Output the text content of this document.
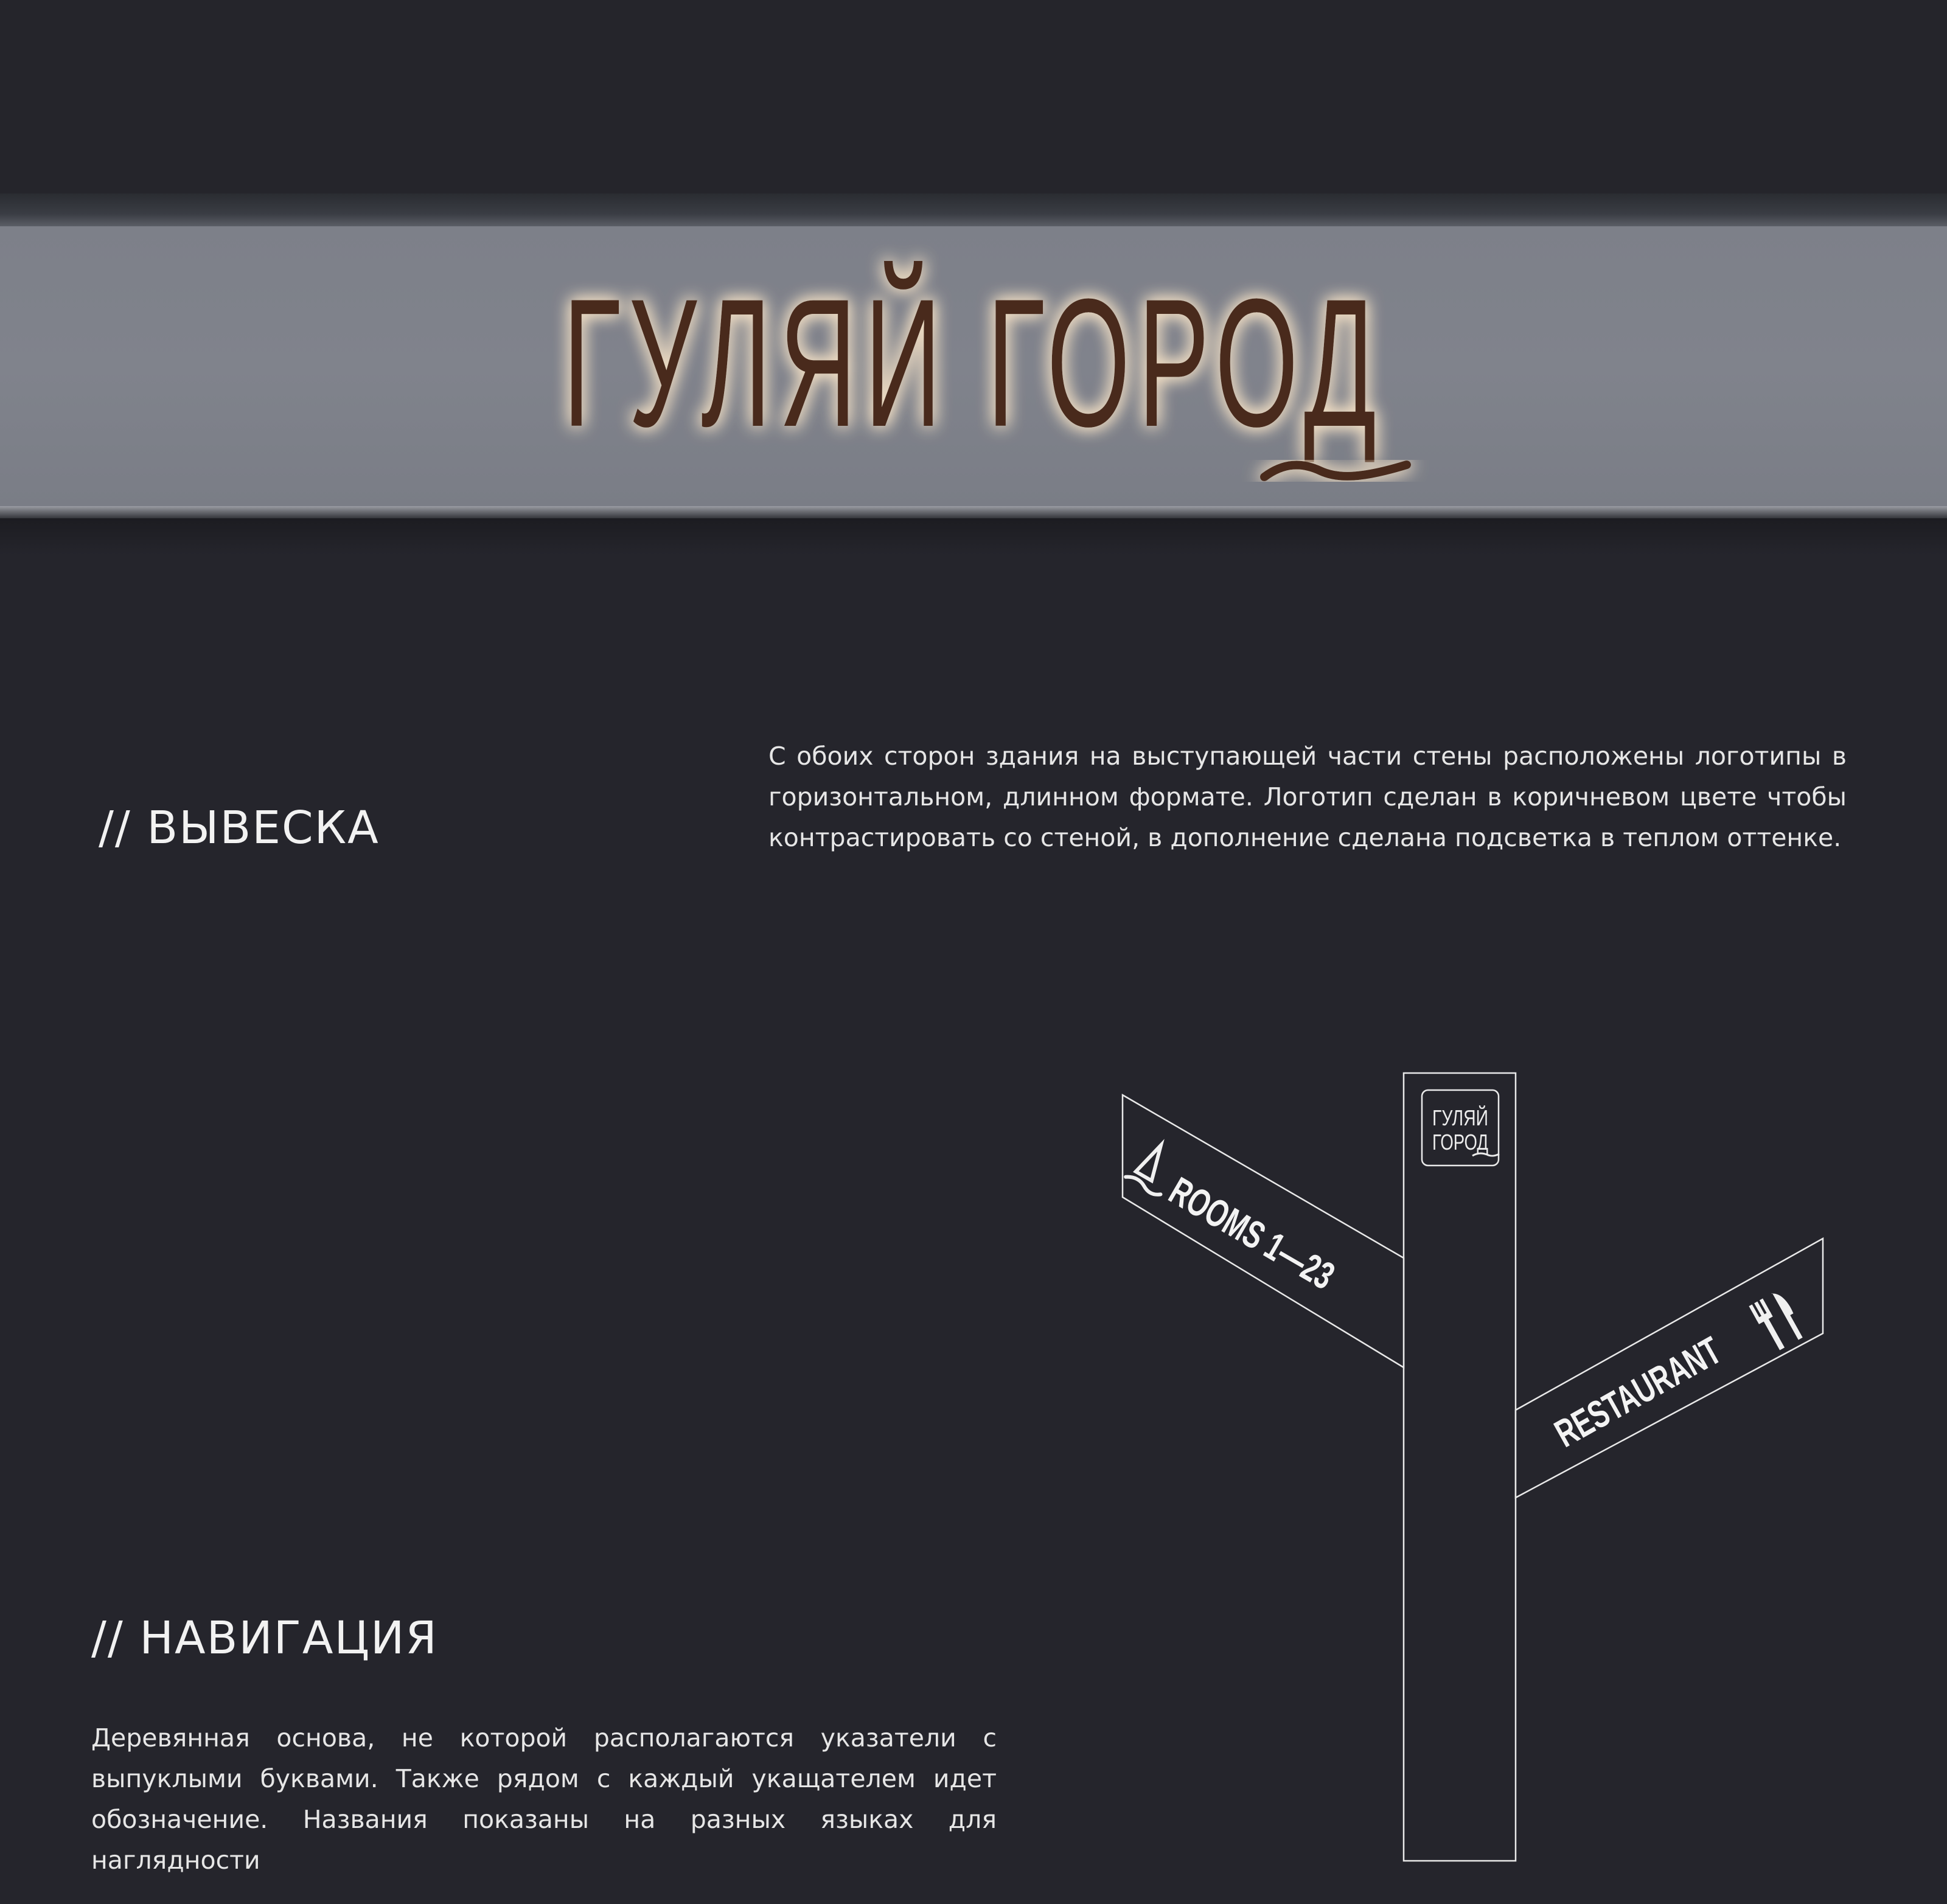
ГУЛЯЙ ГОРОД
// ВЫВЕСКА
С обоих сторон здания на выступающей части стены расположены логотипы в горизонтальном, длинном формате. Логотип сделан в коричневом цвете чтобы контрастировать со стеной, в дополнение сделана подсветка в теплом оттенке.
// НАВИГАЦИЯ
Деревянная основа, не которой располагаются указатели с выпуклыми буквами. Также рядом с каждый укащателем идет обозначение. Названия показаны на разных языках для наглядности
ГУЛЯЙ
ГОРОД
ROOMS 1—23
RESTAURANT
